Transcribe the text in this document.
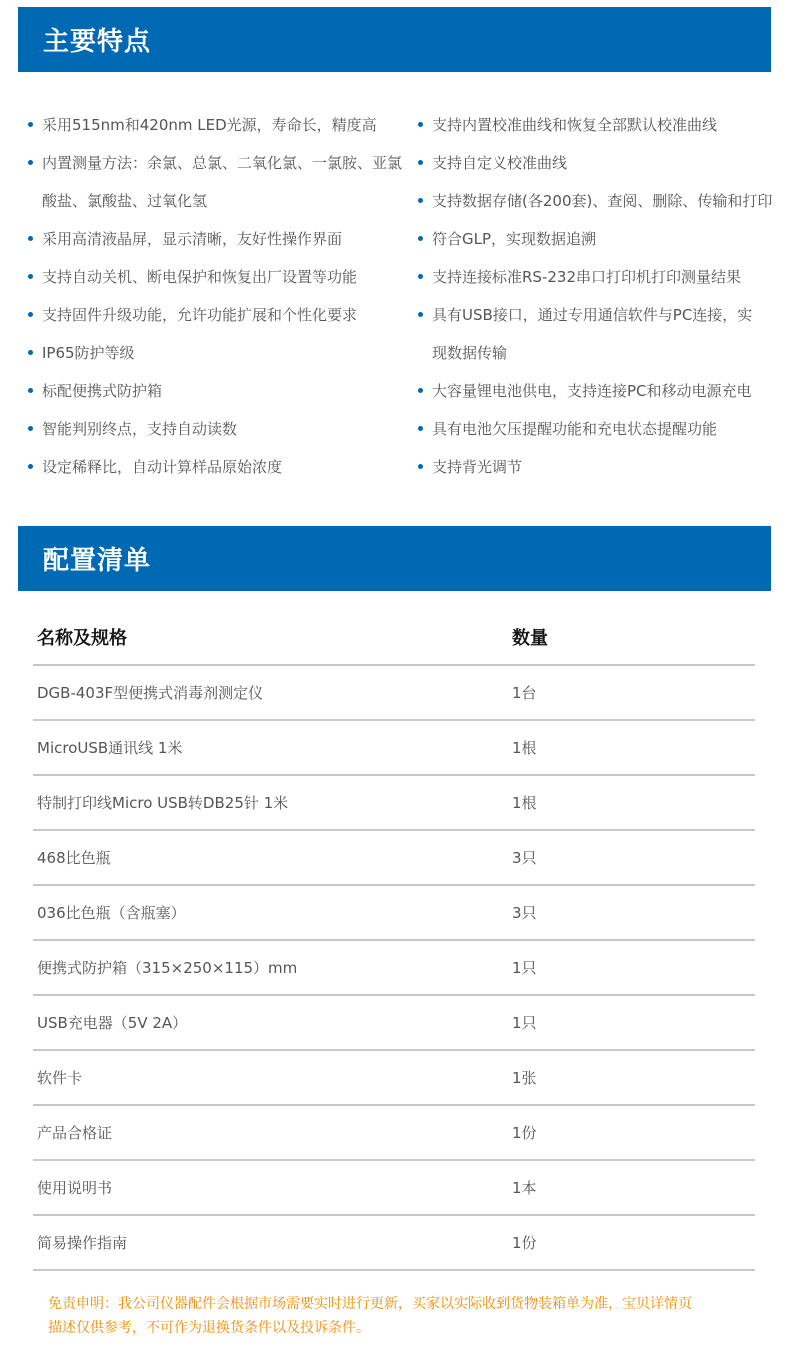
主要特点
采用515nm和420nm LED光源，寿命长，精度高
内置测量方法：余氯、总氯、二氧化氯、一氯胺、亚氯
酸盐、氯酸盐、过氧化氢
采用高清液晶屏，显示清晰，友好性操作界面
支持自动关机、断电保护和恢复出厂设置等功能
支持固件升级功能，允许功能扩展和个性化要求
IP65防护等级
标配便携式防护箱
智能判别终点，支持自动读数
设定稀释比，自动计算样品原始浓度
支持内置校准曲线和恢复全部默认校准曲线
支持自定义校准曲线
支持数据存储(各200套)、查阅、删除、传输和打印
符合GLP，实现数据追溯
支持连接标准RS-232串口打印机打印测量结果
具有USB接口，通过专用通信软件与PC连接，实
现数据传输
大容量锂电池供电，支持连接PC和移动电源充电
具有电池欠压提醒功能和充电状态提醒功能
支持背光调节
配置清单
名称及规格	数量
DGB-403F型便携式消毒剂测定仪	1台
MicroUSB通讯线 1米	1根
特制打印线Micro USB转DB25针 1米	1根
468比色瓶	3只
036比色瓶（含瓶塞）	3只
便携式防护箱（315×250×115）mm	1只
USB充电器（5V 2A）	1只
软件卡	1张
产品合格证	1份
使用说明书	1本
简易操作指南	1份
免责申明：我公司仪器配件会根据市场需要实时进行更新，买家以实际收到货物装箱单为准，宝贝详情页
描述仅供参考，不可作为退换货条件以及投诉条件。
